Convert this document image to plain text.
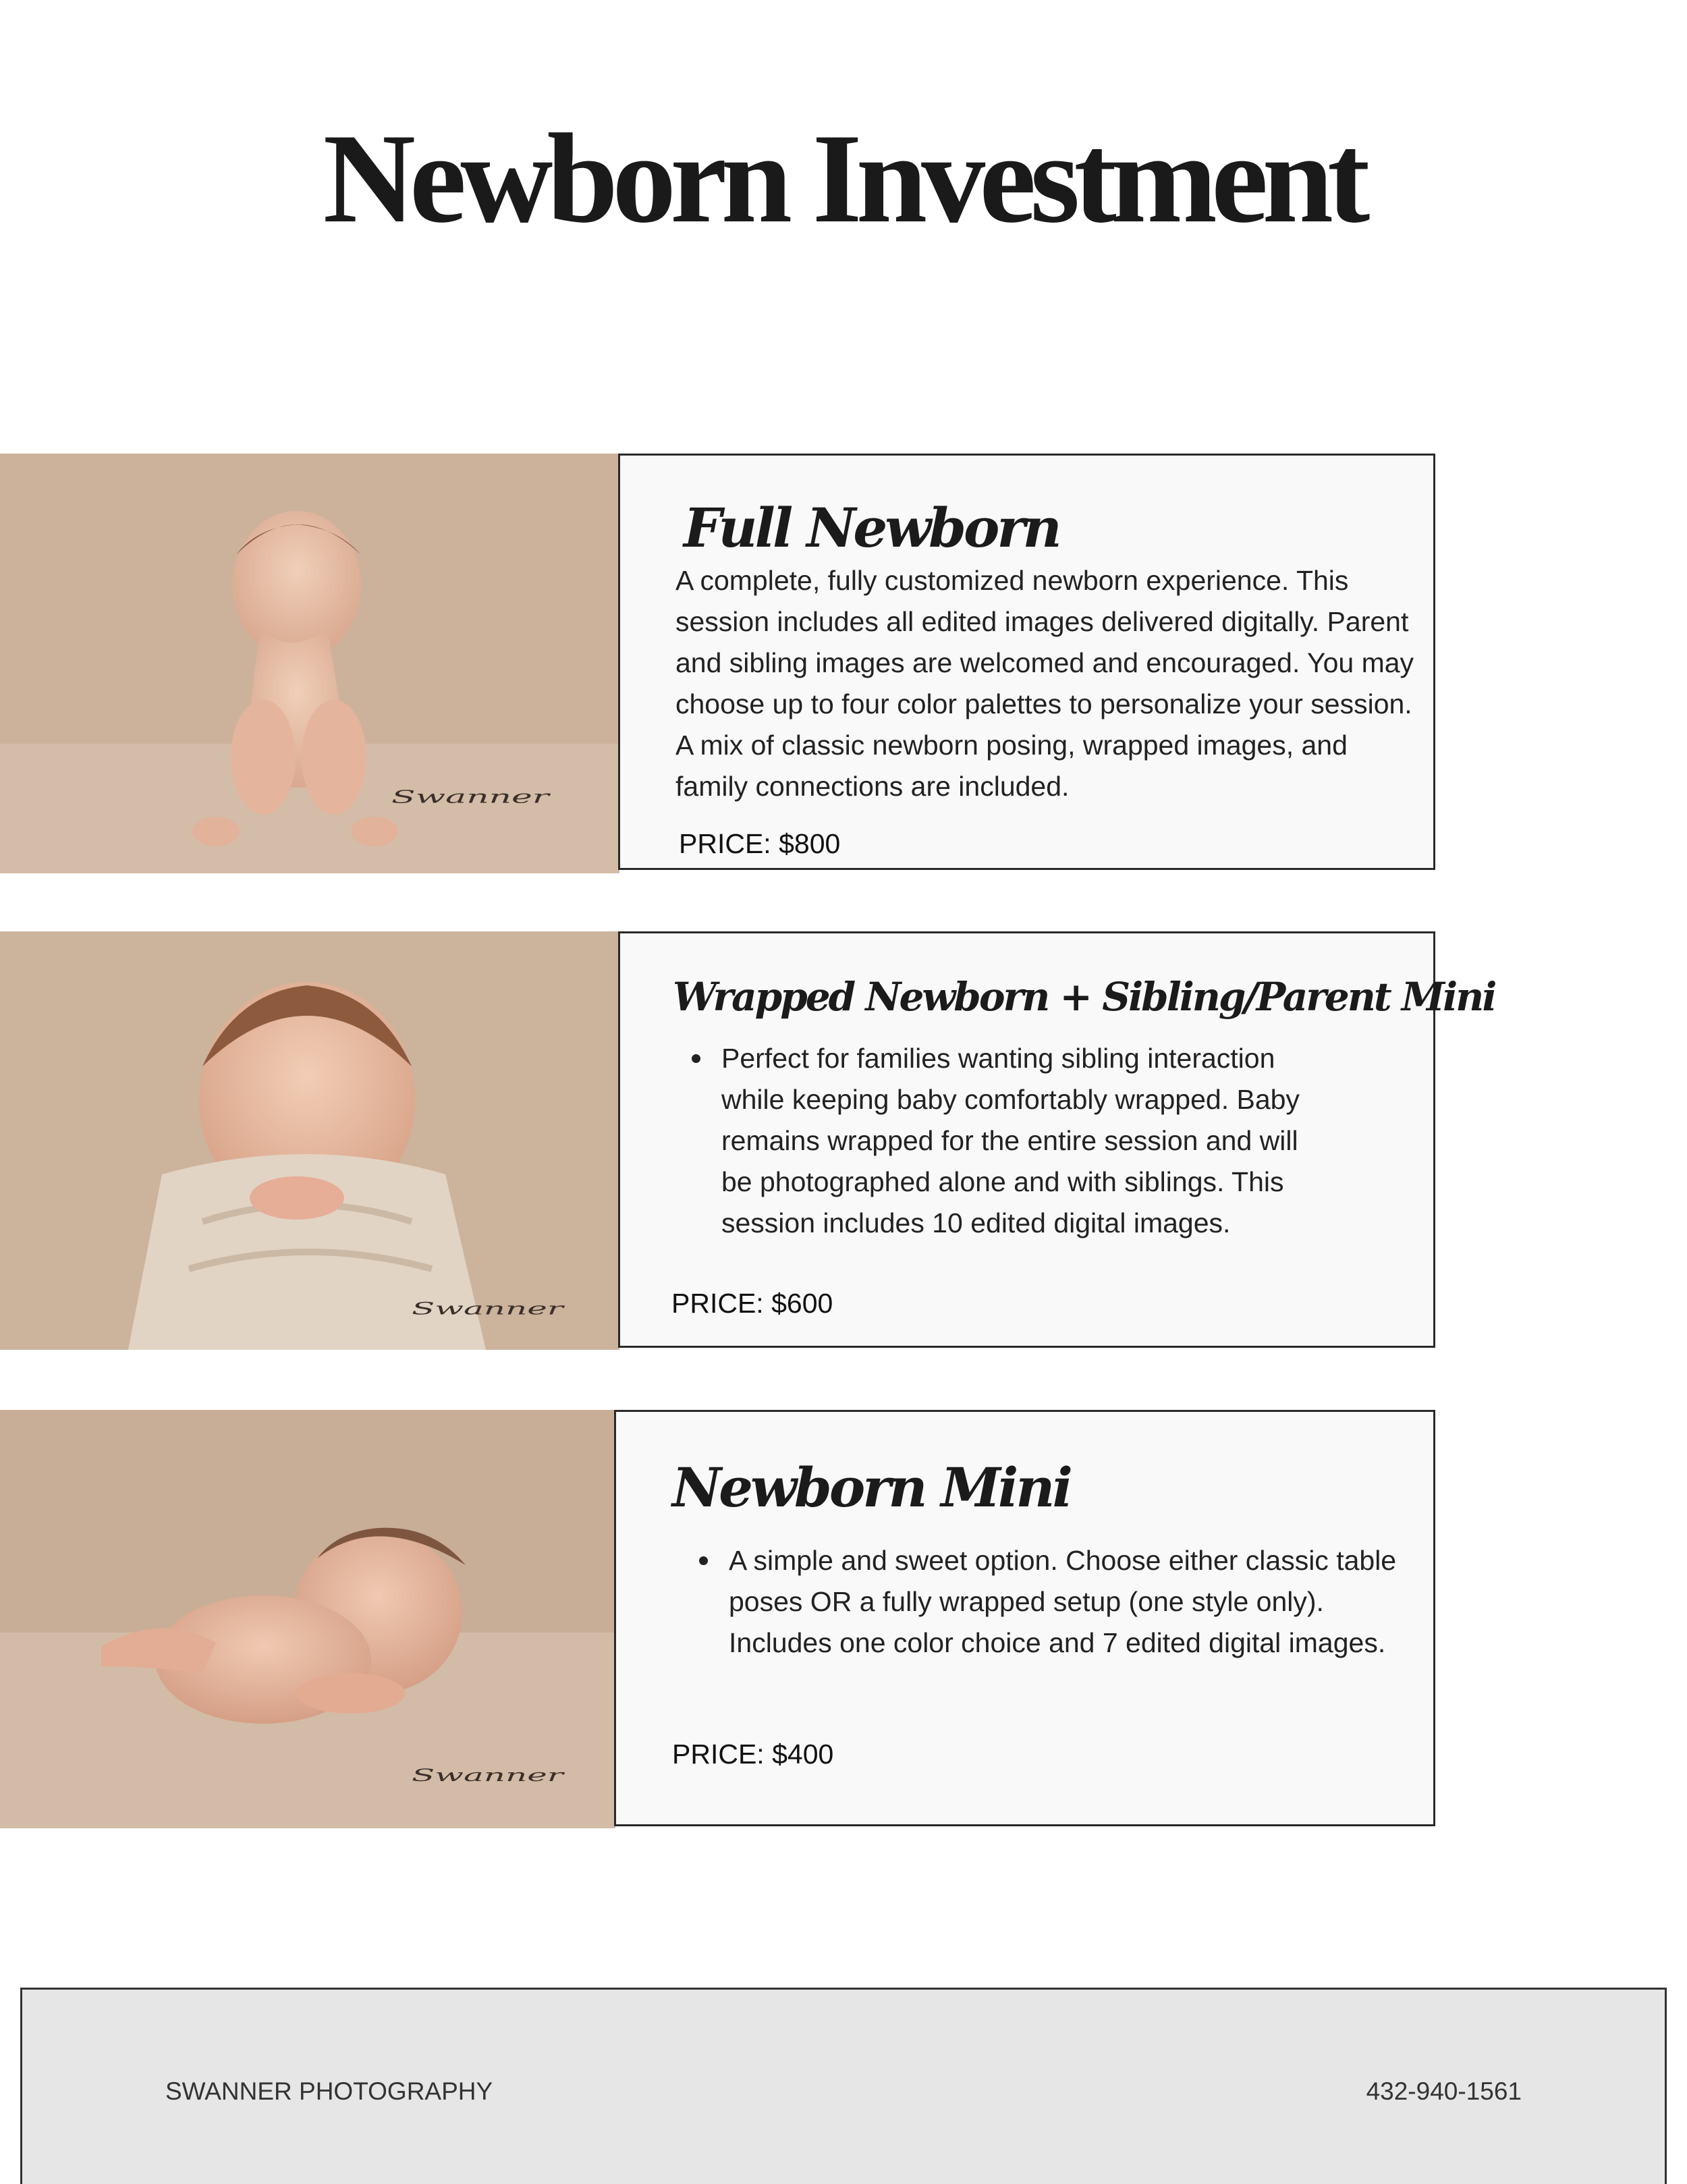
Newborn Investment
Swanner
Full Newborn
A complete, fully customized newborn experience. This session includes all edited images delivered digitally. Parent and sibling images are welcomed and encouraged. You may choose up to four color palettes to personalize your session. A mix of classic newborn posing, wrapped images, and family connections are included.
PRICE: $800
Swanner
Wrapped Newborn + Sibling/Parent Mini
Perfect for families wanting sibling interaction while keeping baby comfortably wrapped. Baby remains wrapped for the entire session and will be photographed alone and with siblings. This session includes 10 edited digital images.
PRICE: $600
Swanner
Newborn Mini
A simple and sweet option. Choose either classic table poses OR a fully wrapped setup (one style only). Includes one color choice and 7 edited digital images.
PRICE: $400
SWANNER PHOTOGRAPHY	432-940-1561
